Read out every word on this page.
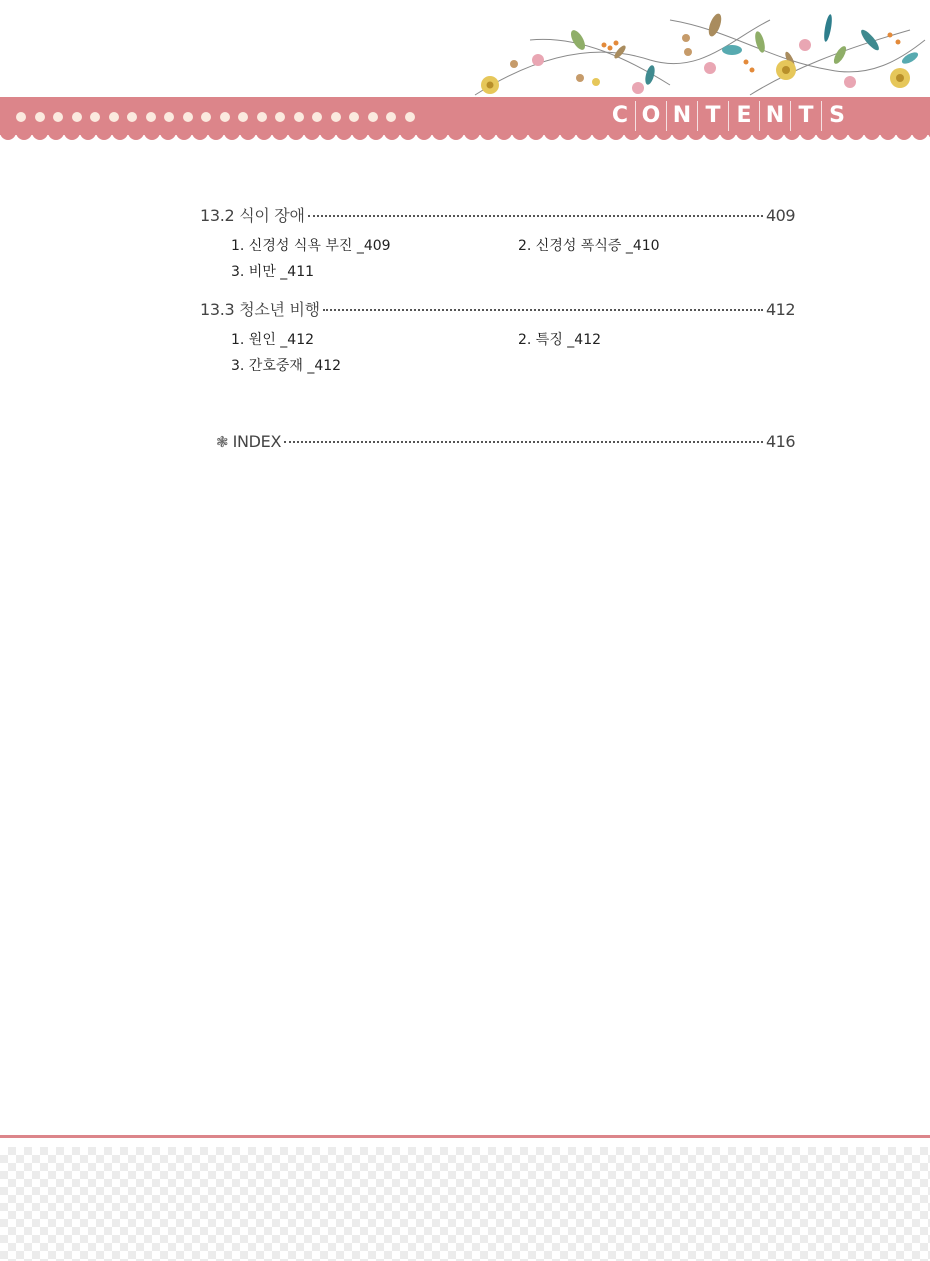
C O N T E N T S
13.2 식이 장애	409
1. 신경성 식욕 부진 _409	2. 신경성 폭식증 _410
3. 비만 _411
13.3 청소년 비행	412
1. 원인 _412	2. 특징 _412
3. 간호중재 _412
❃ INDEX	416
